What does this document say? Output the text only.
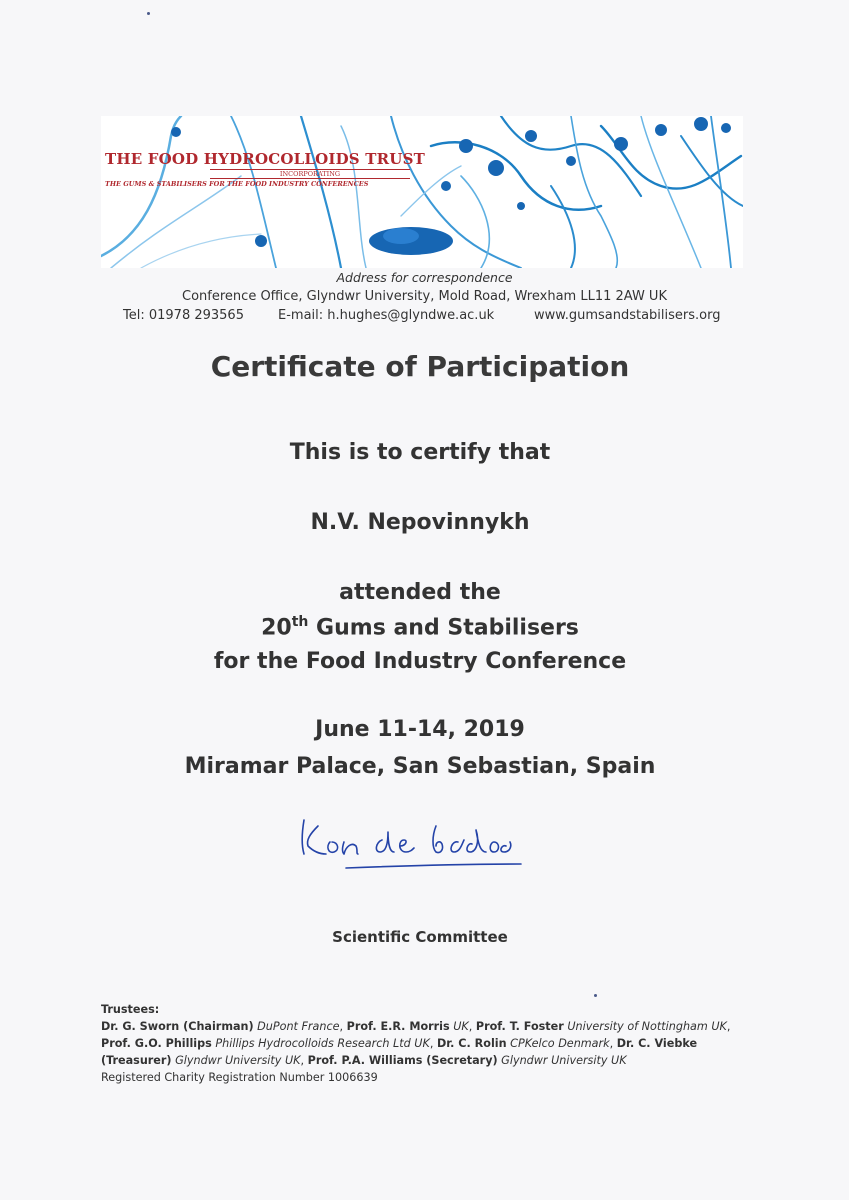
THE FOOD HYDROCOLLOIDS TRUST
INCORPORATING
THE GUMS & STABILISERS FOR THE FOOD INDUSTRY CONFERENCES
Address for correspondence
Conference Office, Glyndwr University, Mold Road, Wrexham LL11 2AW UK
Tel: 01978 293565	E-mail: h.hughes@glyndwe.ac.uk	www.gumsandstabilisers.org
Certificate of Participation
This is to certify that
N.V. Nepovinnykh
attended the
20th Gums and Stabilisers
for the Food Industry Conference
June 11-14, 2019
Miramar Palace, San Sebastian, Spain
Scientific Committee
Trustees:
Dr. G. Sworn (Chairman) DuPont France, Prof. E.R. Morris UK, Prof. T. Foster University of Nottingham UK, Prof. G.O. Phillips Phillips Hydrocolloids Research Ltd UK, Dr. C. Rolin CPKelco Denmark, Dr. C. Viebke (Treasurer) Glyndwr University UK, Prof. P.A. Williams (Secretary) Glyndwr University UK
Registered Charity Registration Number 1006639
